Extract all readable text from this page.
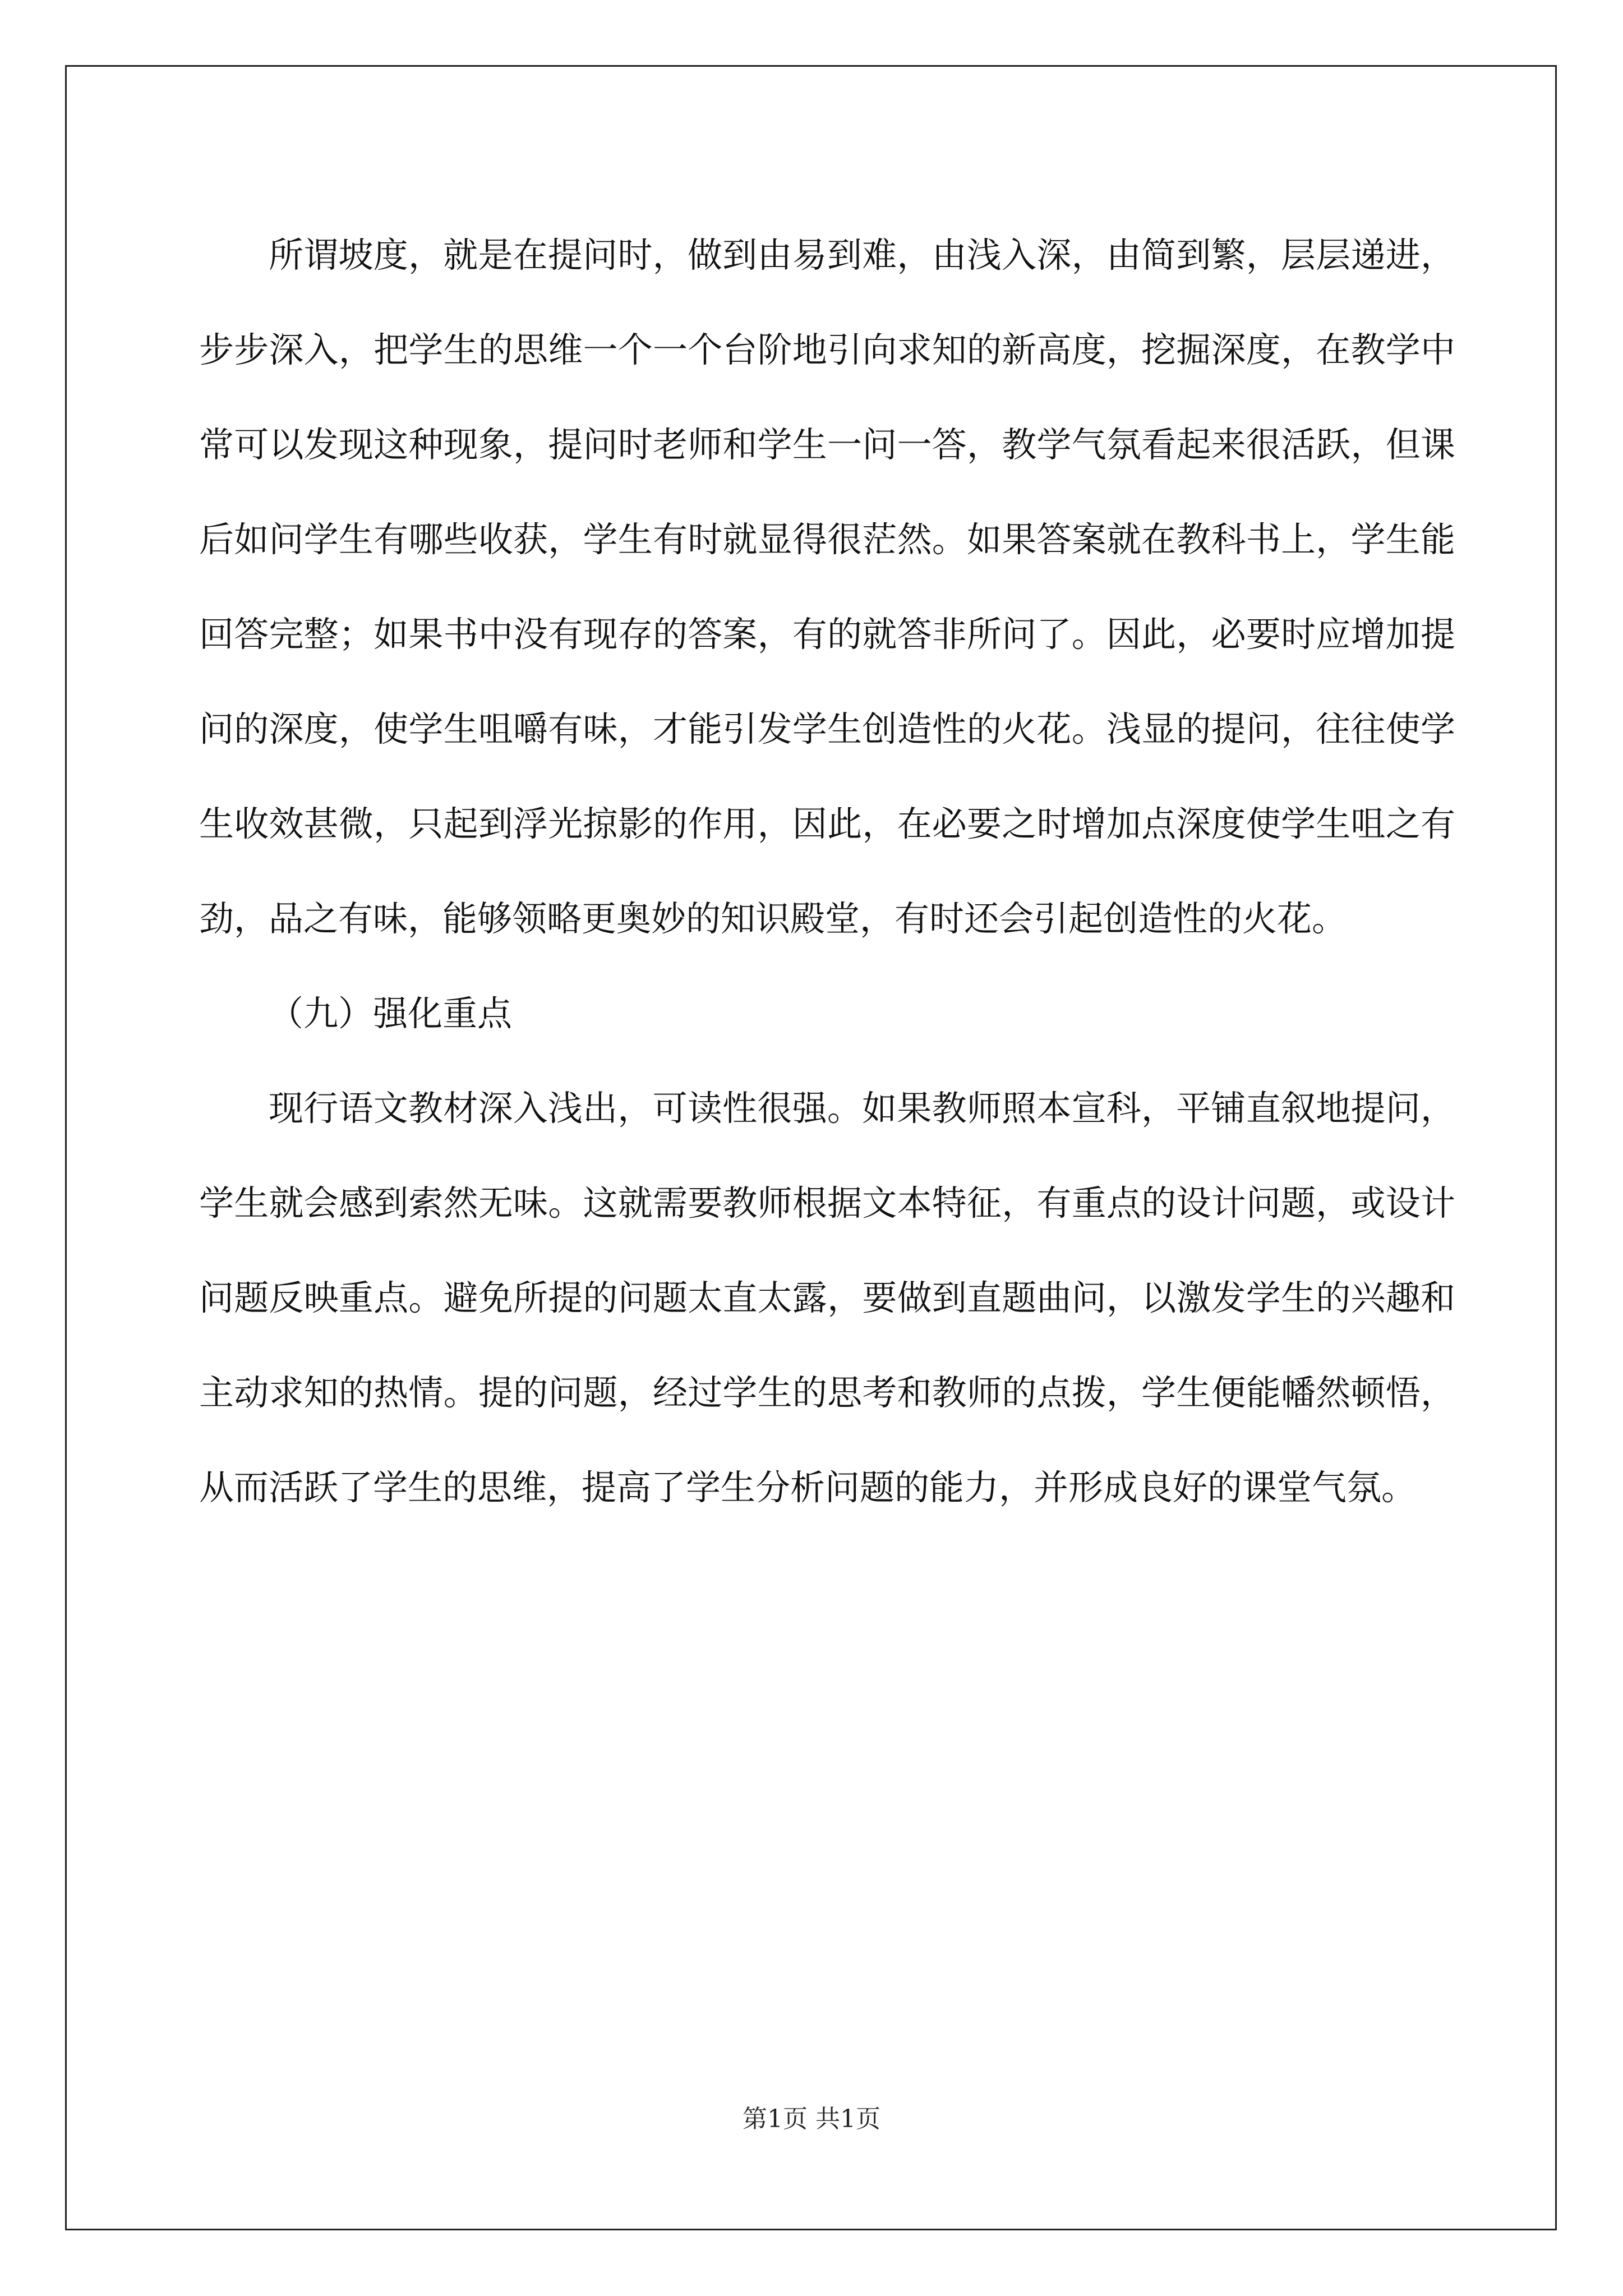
所谓坡度，就是在提问时，做到由易到难，由浅入深，由简到繁，层层递进，步步深入，把学生的思维一个一个台阶地引向求知的新高度，挖掘深度，在教学中常可以发现这种现象，提问时老师和学生一问一答，教学气氛看起来很活跃，但课后如问学生有哪些收获，学生有时就显得很茫然。如果答案就在教科书上，学生能回答完整；如果书中没有现存的答案，有的就答非所问了。因此，必要时应增加提问的深度，使学生咀嚼有味，才能引发学生创造性的火花。浅显的提问，往往使学生收效甚微，只起到浮光掠影的作用，因此，在必要之时增加点深度使学生咀之有劲，品之有味，能够领略更奥妙的知识殿堂，有时还会引起创造性的火花。

（九）强化重点

现行语文教材深入浅出，可读性很强。如果教师照本宣科，平铺直叙地提问，学生就会感到索然无味。这就需要教师根据文本特征，有重点的设计问题，或设计问题反映重点。避免所提的问题太直太露，要做到直题曲问，以激发学生的兴趣和主动求知的热情。提的问题，经过学生的思考和教师的点拨，学生便能幡然顿悟，从而活跃了学生的思维，提高了学生分析问题的能力，并形成良好的课堂气氛。

第1页 共1页
